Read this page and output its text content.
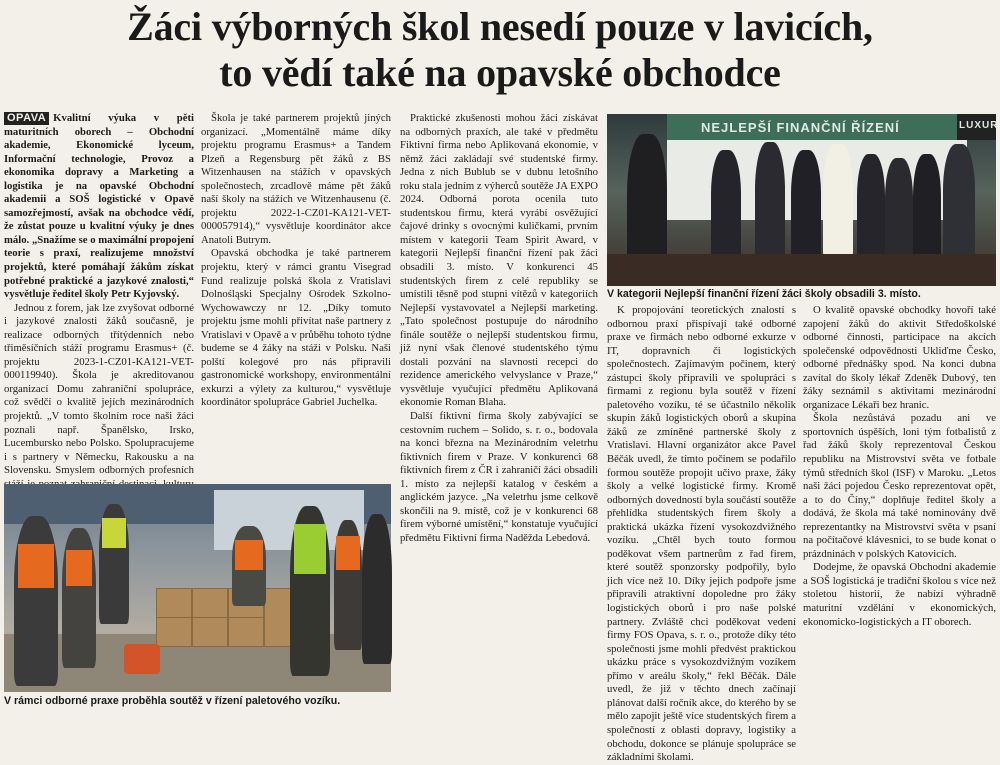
Žáci výborných škol nesedí pouze v lavicích,
to vědí také na opavské obchodce

OPAVA Kvalitní výuka v pěti maturitních oborech – Obchodní akademie, Ekonomické lyceum, Informační technologie, Provoz a ekonomika dopravy a Marketing a logistika je na opavské Obchodní akademii a SOŠ logistické v Opavě samozřejmostí, avšak na obchodce vědí, že zůstat pouze u kvalitní výuky je dnes málo. „Snažíme se o maximální propojení teorie s praxí, realizujeme množství projektů, které pomáhají žákům získat potřebné praktické a jazykové znalosti,“ vysvětluje ředitel školy Petr Kyjovský.

Jednou z forem, jak lze zvyšovat odborné i jazykové znalosti žáků současně, je realizace odborných třítýdenních nebo třiměsíčních stáží programu Erasmus+ (č. projektu 2023-1-CZ01-KA121-VET-000119940). Škola je akreditovanou organizací Domu zahraniční spolupráce, což svědčí o kvalitě jejích mezinárodních projektů. „V tomto školním roce naši žáci poznali např. Španělsko, Irsko, Lucembursko nebo Polsko. Spolupracujeme i s partnery v Německu, Rakousku a na Slovensku. Smyslem odborných profesních

Škola je také partnerem projektů jiných organizací. „Momentálně máme díky projektu programu Erasmus+ a Tandem Plzeň a Regensburg pět žáků z BS Witzenhausen na stážích v opavských společnostech, zrcadlově máme pět žáků naší školy na stážích ve Witzenhausenu (č. projektu 2022-1-CZ01-KA121-VET-000057914),“ vysvětluje koordinátor akce Anatoli Butrym.

Opavská obchodka je také partnerem projektu, který v rámci grantu Visegrad Fund realizuje polská škola z Vratislavi Dolnośląski Specjalny Ośrodek Szkolno-Wychowawczy nr 12. „Díky tomuto projektu jsme mohli přivítat naše partnery z Vratislavi v Opavě a v průběhu tohoto týdne budeme se 4 žáky na stáži v Polsku. Naši polští kolegové pro nás připravili gastronomické workshopy, environmentální exkurzi a výlety za kulturou,“ vysvětluje koordinátor spolupráce Gabriel Juchelka.

Praktické zkušenosti mohou žáci získávat na odborných praxích, ale také v předmětu Fiktivní firma nebo Aplikovaná ekonomie, v němž žáci zakládají své studentské firmy. Jedna z nich Bublub se v dubnu letošního roku stala jedním z výherců soutěže JA EXPO 2024. Odborná porota ocenila tuto studentskou firmu, která vyrábí osvěžující čajové drinky s ovocnými kuličkami, prvním místem v kategorii Team Spirit Award, v kategorii Nejlepší finanční řízení pak žáci obsadili 3. místo. V konkurenci 45 studentských firem z celé republiky se umístili těsně pod stupni vítězů v kategoriích Nejlepší vystavovatel a Nejlepší marketing. „Tato společnost postupuje do národního finále soutěže o nejlepší studentskou firmu, již nyní však členové studentského týmu dostali pozvání na slavnosti recepci do rezidence amerického velvyslance v Praze,“ vysvětluje vyučující předmětu Aplikovaná ekonomie Roman Blaha.

Další fiktivní firma školy zabývající se cestovním ruchem – Solido, s. r. o., bodovala na konci března na Mezinárodním veletrhu fiktivních firem v Praze. V konkurenci 68 fiktivních firem z ČR i zahraničí žáci obsadili 1. místo za nejlepší katalog v českém a anglickém jazyce. „Na veletrhu jsme celkově skončili na 9. místě, což je v konkurenci 68 firem výborné umístění,“ konstatuje vyučující předmětu Fiktivní firma Naděžda Lebedová.

K propojování teoretických znalostí s odbornou praxí přispívají také odborné praxe ve firmách nebo odborné exkurze v IT, dopravních či logistických společnostech. Zajímavým počinem, který zástupci školy připravili ve spolupráci s firmami z regionu byla soutěž v řízení paletového vozíku, té se účastnilo několik skupin žáků logistických oborů a skupina žáků ze zmíněné partnerské školy z Vratislavi. Hlavní organizátor akce Pavel Běčák uvedl, že tímto počinem se podařilo formou soutěže propojit učivo praxe, žáky školy a velké logistické firmy. Kromě odborných dovedností byla součástí soutěže přehlídka studentských firem školy a praktická ukázka řízení vysokozdvižného vozíku. „Chtěl bych touto formou poděkovat všem partnerům z řad firem, které soutěž sponzorsky podpořily, bylo jich více než 10. Díky jejich podpoře jsme připravili atraktivní dopoledne pro žáky logistických oborů i pro naše polské partnery. Zvláště chci poděkovat vedení firmy FOS Opava, s. r. o., protože díky této společnosti jsme mohli předvést praktickou ukázku práce s vysokozdvižným vozíkem přímo v areálu školy,“ řekl Běčák. Dále uvedl, že již v těchto dnech začínají plánovat další ročník akce, do kterého by se mělo zapojit ještě více studentských firem a společností z oblasti dopravy, logistiky a obchodu, dokonce se plánuje spolupráce se základními školami.

O kvalitě opavské obchodky hovoří také zapojení žáků do aktivit Středoškolské odborné činnosti, participace na akcích společenské odpovědnosti Ukliďme Česko, odborné přednášky spod. Na konci dubna zavítal do školy lékař Zdeněk Dubový, ten žáky seznámil s aktivitami mezinárodní organizace Lékaři bez hranic.

Škola nezůstává pozadu ani ve sportovních úspěších, loni tým fotbalistů z řad žáků školy reprezentoval Českou republiku na Mistrovství světa ve fotbale týmů středních škol (ISF) v Maroku. „Letos naši žáci pojedou Česko reprezentovat opět, a to do Číny,“ doplňuje ředitel školy a dodává, že škola má také nominovány dvě reprezentantky na Mistrovství světa v psaní na počítačové klávesnici, to se bude konat o prázdninách v polských Katovicích.

Dodejme, že opavská Obchodní akademie a SOŠ logistická je tradiční školou s více než stoletou historií, že nabízí výhradně maturitní vzdělání v ekonomických, ekonomicko-logistických a IT oborech.

NEJLEPŠÍ FINANČNÍ ŘÍZENÍ	LUXUR
V rámci odborné praxe proběhla soutěž v řízení paletového vozíku.
V kategorii Nejlepší finanční řízení žáci školy obsadili 3. místo.
